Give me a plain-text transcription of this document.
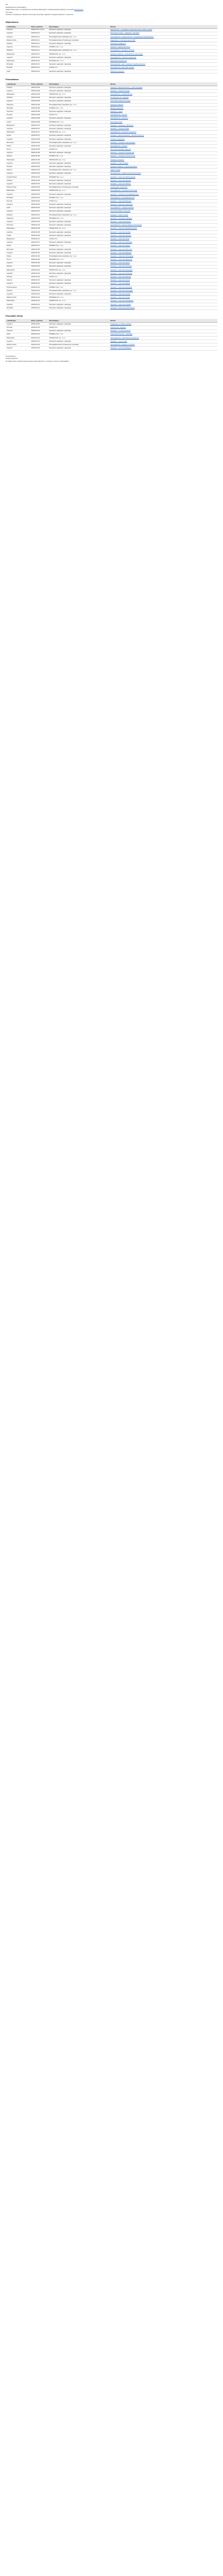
ZP
Zawiadomienie Pracodawcy
Stawia informacje, że wiadomość przesłaną Wam/(y/)ch przekazaną Pracodawcy na kontakt www.feed.pl
Oto dane:
Poniższe zestawienie zawiera informacje dotyczące ogłoszeń zarejestrowanych w systemie.
Wykonawca
Lokalizacja	Data / godzina	Sprzedający	Nazwa
Legnica	2020-03-11 11:14	Syntetyk Logistyka i spedycja	Spedytor/ka - specjalista międzynarodowy zakres zadań
Legnica	2020-03-11	Syntetyk Logistyka i spedycja	Kierownik zmiany - logistyka i spedycja
Legnica	2020-03-11	Przedsiębiorstwo Handlowe sp. z o.o.	Specjalista ds. obsługi klienta / zarządzania zamówieniami
Zielona Góra	2020-03-11	Przedsiębiorstwo Produkcyjne Lubuskie	Magazynier z uprawnieniami UDT
Kraków	2020-03-11	Syntetyk Logistyka i spedycja	Kierownik magazynu
Legnica	2020-03-11	STABILO Sp. z o.o.	Spedytor międzynarodowy
Gdańsk	2020-03-11	Przedsiębiorstwo Handlowe sp. z o.o.	Specjalista ds. spedycji morskiej
Warszawa	2020-03-11	TRANS-POL sp. z o.o.	Spedytor krajowy - samodzielne stanowisko
Legnica	2020-03-10	Syntetyk Logistyka i spedycja	Specjalista ds. rozliczeń transportu
Warszawa	2020-03-10	INTEGRA Sp. z o.o.	Dyspozytor transportu
Wrocław	2020-03-10	Syntetyk Logistyka i spedycja	Kierowca kat. C+E - transport międzynarodowy
Poznań	2020-03-10	LOGIS S.A.	Specjalista ds. łańcucha dostaw
Lódź	2020-03-10	Syntetyk Logistyka i spedycja	Planista transportu
Pracodawca
Lokalizacja	Data / godzina	Sprzedający	Nazwa
Kraków	2020-03-09	Syntetyk Logistyka i spedycja	Spedytor międzynarodowy - język angielski
Legnica	2020-03-09	Syntetyk Logistyka i spedycja	Spedytor - praca od zaraz
Warszawa	2020-03-09	TRANS-POL sp. z o.o.	Specjalista ds. obsługi klienta
Gdańsk	2020-03-09	Syntetyk Logistyka i spedycja	Koordynator ds. logistyki
Legnica	2020-03-09	Syntetyk Logistyka i spedycja	Kierownik zespołu spedycji
Katowice	2020-03-09	Przedsiębiorstwo Handlowe sp. z o.o.	Spedytor krajowy
Wrocław	2020-03-08	STABILO Sp. z o.o.	Młodszy spedytor
Szczecin	2020-03-08	Syntetyk Logistyka i spedycja	Spedytor morski
Poznań	2020-03-08	LOGIS S.A.	Specjalista ds. importu
Legnica	2020-03-08	Syntetyk Logistyka i spedycja	Specjalista ds. eksportu
Lublin	2020-03-08	INTEGRA Sp. z o.o.	Dyspozytor floty
Bydgoszcz	2020-03-07	Syntetyk Logistyka i spedycja	Spedytor - transport chłodniczy
Legnica	2020-03-07	Syntetyk Logistyka i spedycja	Spedytor - transport ADR
Warszawa	2020-03-07	TRANS-POL sp. z o.o.	Specjalista ds. zakupów transportu
Opole	2020-03-07	Syntetyk Logistyka i spedycja	Spedytor międzynarodowy - kierunek Niemcy
Legnica	2020-03-06	Syntetyk Logistyka i spedycja	Asystent spedytora
Rzeszów	2020-03-06	Przedsiębiorstwo Handlowe sp. z o.o.	Spedytor - transport intermodalny
Kielce	2020-03-06	Syntetyk Logistyka i spedycja	Specjalista ds. celnych
Toruń	2020-03-06	LOGIS S.A.	Kierownik oddziału spedycji
Legnica	2020-03-05	Syntetyk Logistyka i spedycja	Spedytor - transport drobnicowy
Gliwice	2020-03-05	STABILO Sp. z o.o.	Spedytor - transport kontenerowy
Warszawa	2020-03-05	TRANS-POL sp. z o.o.	Analityk transportu
Legnica	2020-03-05	Syntetyk Logistyka i spedycja	Spedytor - praca zdalna
Olsztyn	2020-03-04	Syntetyk Logistyka i spedycja	Spedytor krajowy i międzynarodowy
Gdynia	2020-03-04	Przedsiębiorstwo Handlowe sp. z o.o.	Agent morski
Legnica	2020-03-04	Syntetyk Logistyka i spedycja	Specjalista ds. reklamacji transportowych
Częstochowa	2020-03-04	INTEGRA Sp. z o.o.	Spedytor - kierunek Skandynawia
Kraków	2020-03-03	Syntetyk Logistyka i spedycja	Spedytor - kierunek Francja
Legnica	2020-03-03	Syntetyk Logistyka i spedycja	Spedytor - kierunek Włochy
Zielona Góra	2020-03-03	Przedsiębiorstwo Produkcyjne Lubuskie	Koordynator transportu
Warszawa	2020-03-03	TRANS-POL sp. z o.o.	Specjalista ds. transportu lotniczego
Legnica	2020-03-02	Syntetyk Logistyka i spedycja	Spedytor - transport ponadgabarytowy
Wrocław	2020-03-02	STABILO Sp. z o.o.	Specjalista ds. optymalizacji tras
Poznań	2020-03-02	LOGIS S.A.	Spedytor - kierunek Benelux
Legnica	2020-03-02	Syntetyk Logistyka i spedycja	Spedytor - kierunek Hiszpania
Łódź	2020-03-01	Syntetyk Logistyka i spedycja	Specjalista ds. magazynowania
Legnica	2020-03-01	Syntetyk Logistyka i spedycja	Kierownik działu transportu
Gdańsk	2020-03-01	Przedsiębiorstwo Handlowe sp. z o.o.	Spedytor - fracht morski
Katowice	2020-02-29	INTEGRA Sp. z o.o.	Spedytor - transport kolejowy
Legnica	2020-02-29	Syntetyk Logistyka i spedycja	Spedytor - kierunek Czechy
Szczecin	2020-02-29	Syntetyk Logistyka i spedycja	Specjalista ds. dokumentacji przewozowej
Warszawa	2020-02-28	TRANS-POL sp. z o.o.	Spedytor - kierunek Wielka Brytania
Legnica	2020-02-28	Syntetyk Logistyka i spedycja	Spedytor - kierunek Austria
Lublin	2020-02-28	Syntetyk Logistyka i spedycja	Spedytor - kierunek Ukraina
Bydgoszcz	2020-02-27	LOGIS S.A.	Spedytor - kierunek Litwa
Legnica	2020-02-27	Syntetyk Logistyka i spedycja	Spedytor - kierunek Słowacja
Opole	2020-02-27	STABILO Sp. z o.o.	Spedytor - kierunek Węgry
Rzeszów	2020-02-26	Syntetyk Logistyka i spedycja	Spedytor - kierunek Rumunia
Legnica	2020-02-26	Syntetyk Logistyka i spedycja	Spedytor - kierunek Bułgaria
Kielce	2020-02-26	Przedsiębiorstwo Handlowe sp. z o.o.	Spedytor - kierunek Chorwacja
Toruń	2020-02-25	INTEGRA Sp. z o.o.	Spedytor - kierunek Słowenia
Legnica	2020-02-25	Syntetyk Logistyka i spedycja	Spedytor - kierunek Dania
Gliwice	2020-02-25	Syntetyk Logistyka i spedycja	Spedytor - kierunek Szwecja
Warszawa	2020-02-24	TRANS-POL sp. z o.o.	Spedytor - kierunek Norwegia
Legnica	2020-02-24	Syntetyk Logistyka i spedycja	Spedytor - kierunek Finlandia
Olsztyn	2020-02-24	LOGIS S.A.	Spedytor - kierunek Estonia
Gdynia	2020-02-23	Syntetyk Logistyka i spedycja	Spedytor - kierunek Łotwa
Legnica	2020-02-23	Syntetyk Logistyka i spedycja	Spedytor - kierunek Belgia
Częstochowa	2020-02-23	STABILO Sp. z o.o.	Spedytor - kierunek Holandia
Kraków	2020-02-22	Przedsiębiorstwo Handlowe sp. z o.o.	Spedytor - kierunek Portugalia
Legnica	2020-02-22	Syntetyk Logistyka i spedycja	Spedytor - kierunek Grecja
Zielona Góra	2020-02-22	INTEGRA Sp. z o.o.	Spedytor - kierunek Turcja
Warszawa	2020-02-21	TRANS-POL sp. z o.o.	Spedytor - kierunek Szwajcaria
Legnica	2020-02-21	Syntetyk Logistyka i spedycja	Spedytor - kierunek Irlandia
Wrocław	2020-02-21	Syntetyk Logistyka i spedycja	Spedytor - kierunek Luksemburg
Pozostałe oferty
Lokalizacja	Data / godzina	Sprzedający	Nazwa
Legnica	2020-02-20	Syntetyk Logistyka i spedycja	Praktykant w dziale spedycji
Poznań	2020-02-20	LOGIS S.A.	Stażysta ds. logistyki
Legnica	2020-02-20	Syntetyk Logistyka i spedycja	Spedytor - umowa zlecenie
Łódź	2020-02-19	STABILO Sp. z o.o.	Pracownik biurowy - logistyka
Warszawa	2020-02-19	TRANS-POL sp. z o.o.	Specjalista ds. administracji transportu
Legnica	2020-02-19	Syntetyk Logistyka i spedycja	Spedytor - część etatu
Zielona Góra	2020-02-18	Przedsiębiorstwo Produkcyjne Lubuskie	Specjalista ds. logistyki produkcji
Legnica	2020-02-18	Syntetyk Logistyka i spedycja	Spedytor - oferta archiwalna
Pozdrawiamy
Zespół ogłoszeń
Ta wiadomość została wygenerowana automatycznie, prosimy na nią nie odpowiadać.
